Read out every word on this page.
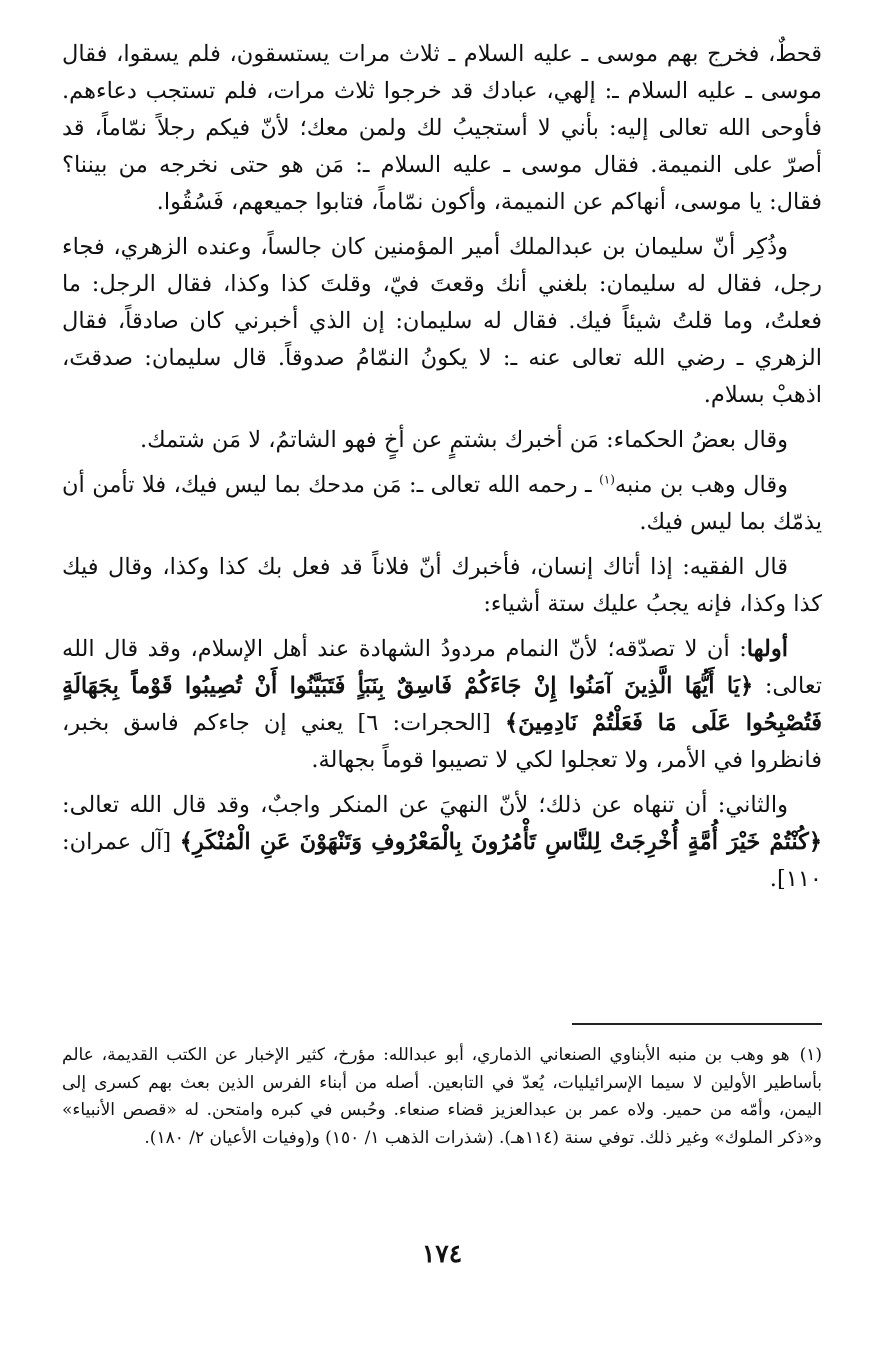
قحطٌ، فخرج بهم موسى ـ عليه السلام ـ ثلاث مرات يستسقون، فلم يسقوا، فقال موسى ـ عليه السلام ـ: إلهي، عبادك قد خرجوا ثلاث مرات، فلم تستجب دعاءهم. فأوحى الله تعالى إليه: بأني لا أستجيبُ لك ولمن معك؛ لأنّ فيكم رجلاً نمّاماً، قد أصرّ على النميمة. فقال موسى ـ عليه السلام ـ: مَن هو حتى نخرجه من بيننا؟ فقال: يا موسى، أنهاكم عن النميمة، وأكون نمّاماً، فتابوا جميعهم، فَسُقُوا.

وذُكِر أنّ سليمان بن عبدالملك أمير المؤمنين كان جالساً، وعنده الزهري، فجاء رجل، فقال له سليمان: بلغني أنك وقعتَ فيّ، وقلتَ كذا وكذا، فقال الرجل: ما فعلتُ، وما قلتُ شيئاً فيك. فقال له سليمان: إن الذي أخبرني كان صادقاً، فقال الزهري ـ رضي الله تعالى عنه ـ: لا يكونُ النمّامُ صدوقاً. قال سليمان: صدقتَ، اذهبْ بسلام.

وقال بعضُ الحكماء: مَن أخبرك بشتمٍ عن أخٍ فهو الشاتمُ، لا مَن شتمك.

وقال وهب بن منبه$^{(١)}$ ـ رحمه الله تعالى ـ: مَن مدحك بما ليس فيك، فلا تأمن أن يذمّك بما ليس فيك.

قال الفقيه: إذا أتاك إنسان، فأخبرك أنّ فلاناً قد فعل بك كذا وكذا، وقال فيك كذا وكذا، فإنه يجبُ عليك ستة أشياء:

أولها: أن لا تصدّقه؛ لأنّ النمام مردودُ الشهادة عند أهل الإسلام، وقد قال الله تعالى: ﴿يَا أَيُّهَا الَّذِينَ آمَنُوا إِنْ جَاءَكُمْ فَاسِقٌ بِنَبَأٍ فَتَبَيَّنُوا أَنْ تُصِيبُوا قَوْماً بِجَهَالَةٍ فَتُصْبِحُوا عَلَى مَا فَعَلْتُمْ نَادِمِينَ﴾ [الحجرات: ٦] يعني إن جاءكم فاسق بخبر، فانظروا في الأمر، ولا تعجلوا لكي لا تصيبوا قوماً بجهالة.

والثاني: أن تنهاه عن ذلك؛ لأنّ النهيَ عن المنكر واجبٌ، وقد قال الله تعالى: ﴿كُنْتُمْ خَيْرَ أُمَّةٍ أُخْرِجَتْ لِلنَّاسِ تَأْمُرُونَ بِالْمَعْرُوفِ وَتَنْهَوْنَ عَنِ الْمُنْكَرِ﴾ [آل عمران: ١١٠].

(١)هو وهب بن منبه الأبناوي الصنعاني الذماري، أبو عبدالله: مؤرخ، كثير الإخبار عن الكتب القديمة، عالم بأساطير الأولين لا سيما الإسرائيليات، يُعدّ في التابعين. أصله من أبناء الفرس الذين بعث بهم كسرى إلى اليمن، وأمّه من حمير. ولاه عمر بن عبدالعزيز قضاء صنعاء. وحُبس في كبره وامتحن. له «قصص الأنبياء» و«ذكر الملوك» وغير ذلك. توفي سنة (١١٤هـ). (شذرات الذهب ١/ ١٥٠) و(وفيات الأعيان ٢/ ١٨٠).

١٧٤
